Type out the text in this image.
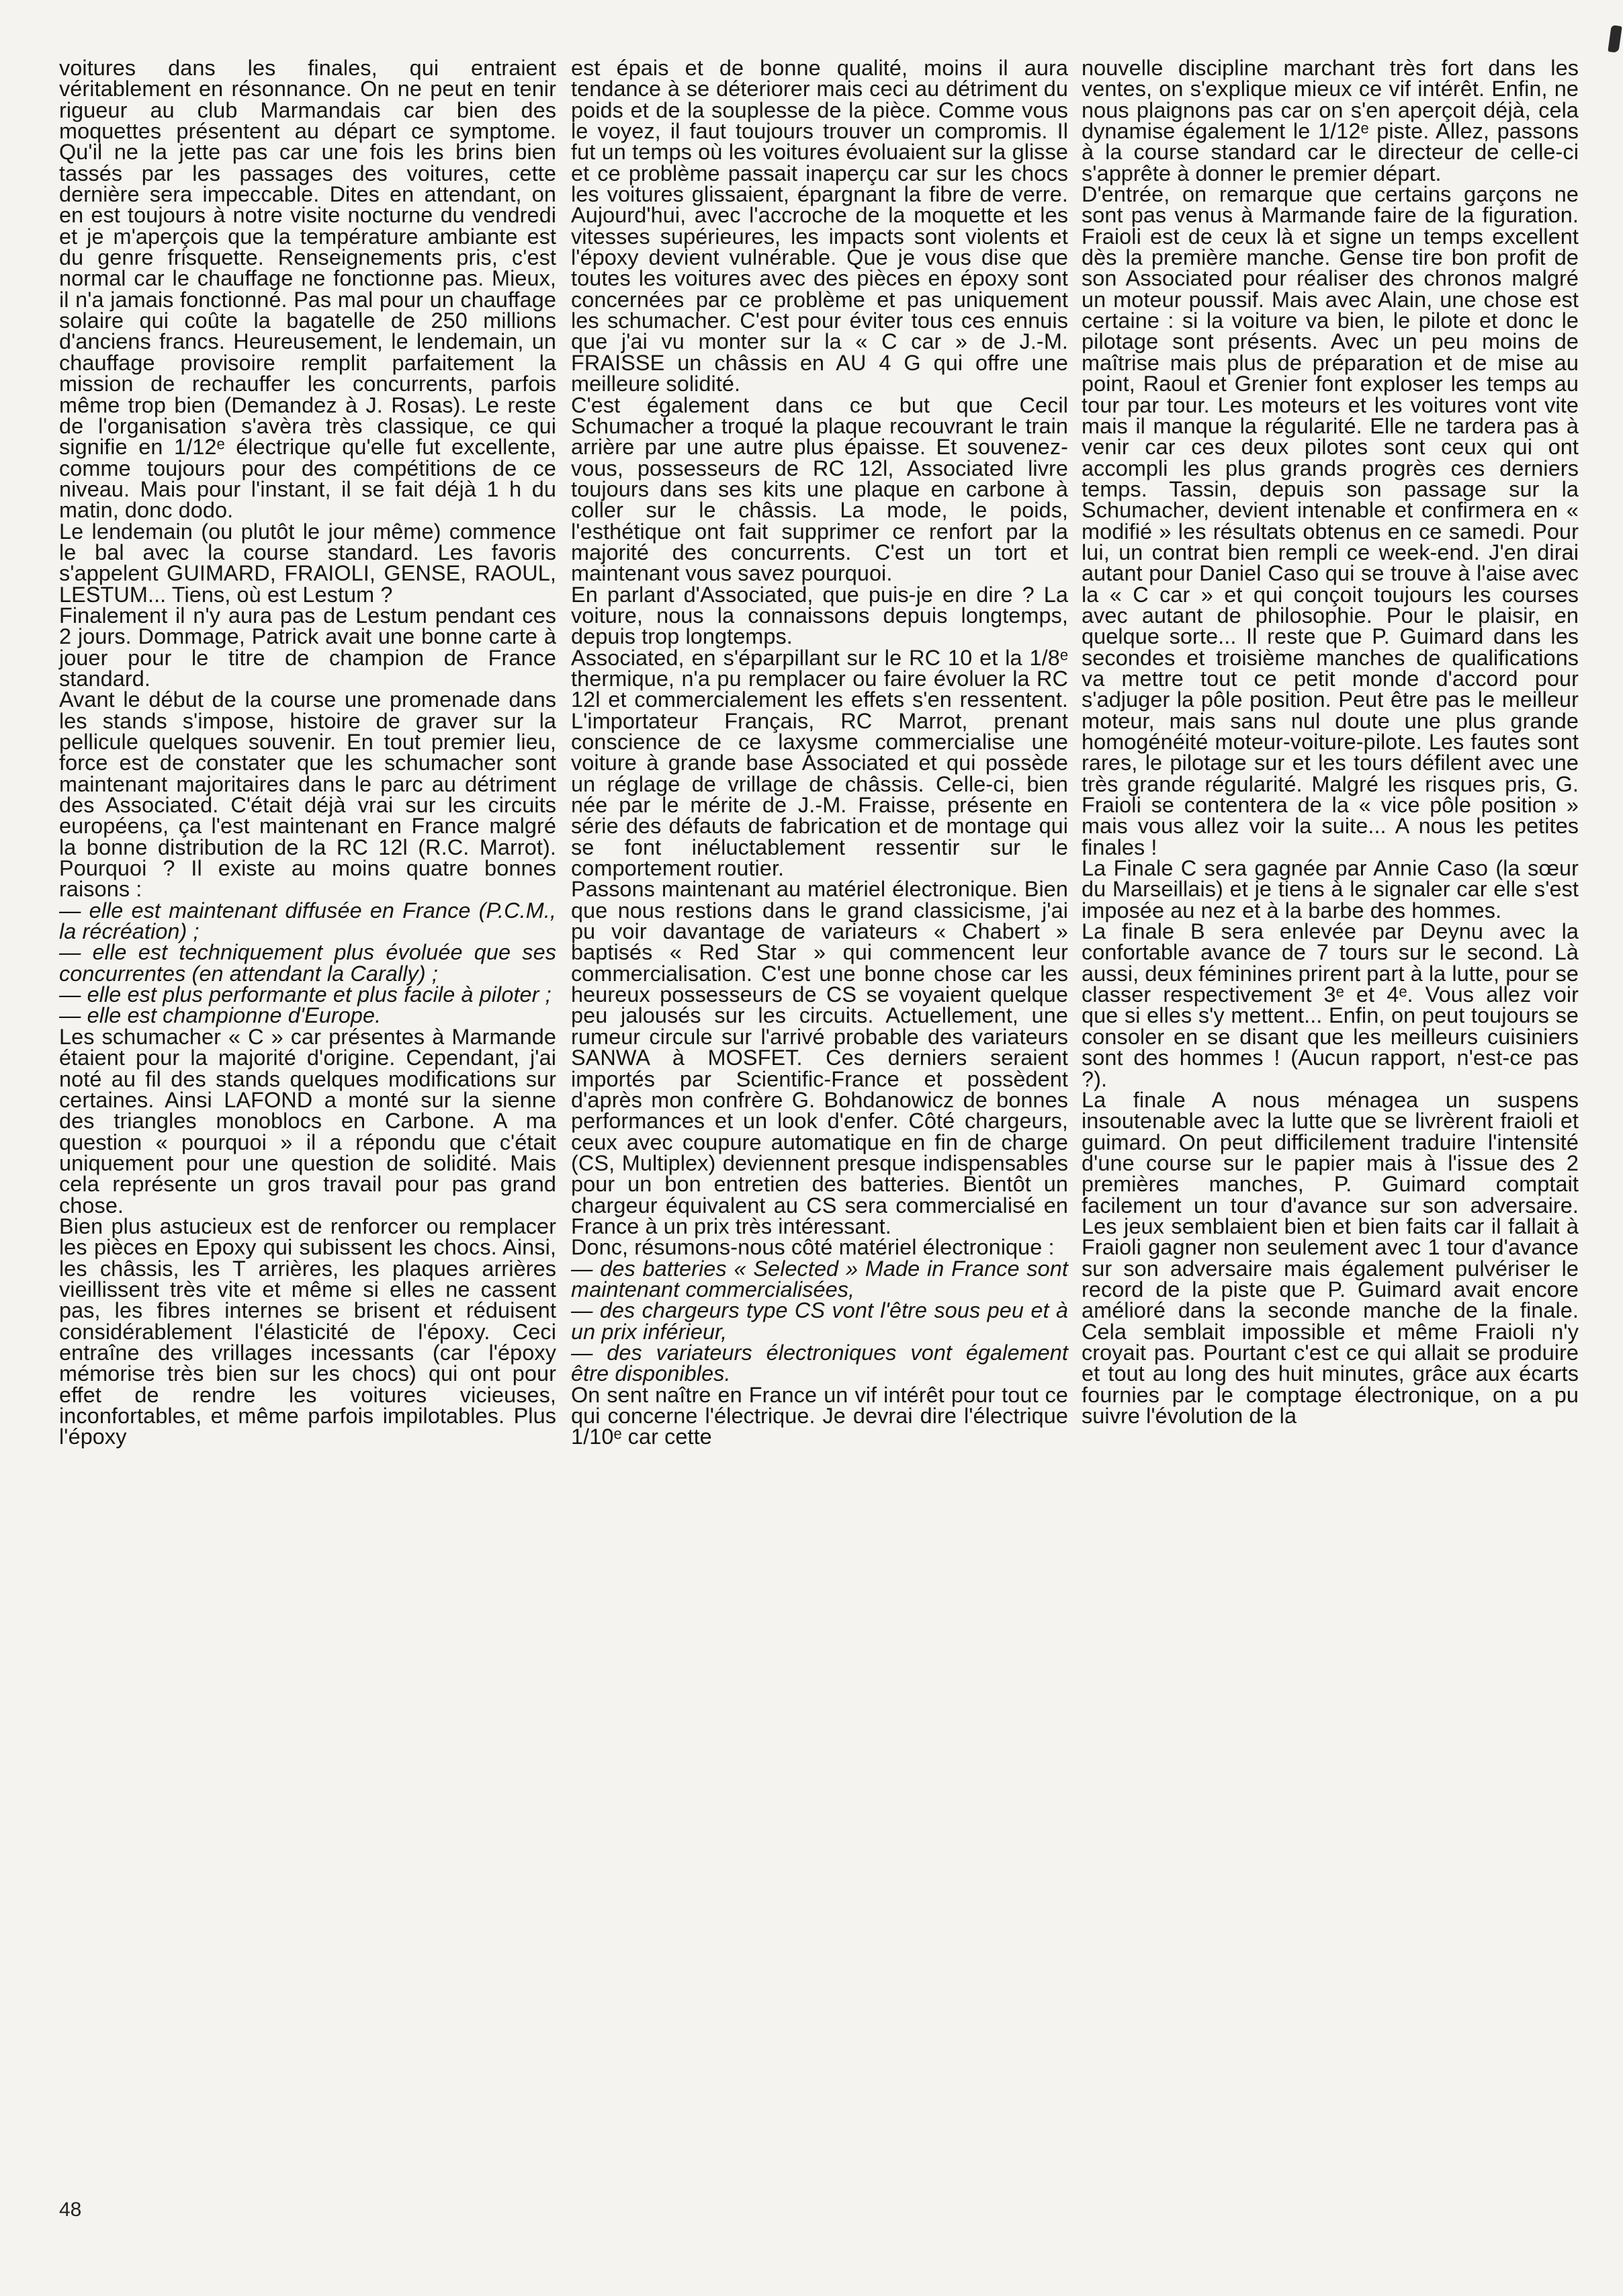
voitures dans les finales, qui entraient véritablement en résonnance. On ne peut en tenir rigueur au club Marmandais car bien des moquettes présentent au départ ce symptome. Qu'il ne la jette pas car une fois les brins bien tassés par les passages des voitures, cette dernière sera impeccable. Dites en attendant, on en est toujours à notre visite nocturne du vendredi et je m'aperçois que la température ambiante est du genre frisquette. Renseignements pris, c'est normal car le chauffage ne fonctionne pas. Mieux, il n'a jamais fonctionné. Pas mal pour un chauffage solaire qui coûte la bagatelle de 250 millions d'anciens francs. Heureusement, le lendemain, un chauffage provisoire remplit parfaitement la mission de rechauffer les concurrents, parfois même trop bien (Demandez à J. Rosas). Le reste de l'organisation s'avèra très classique, ce qui signifie en 1/12ᵉ électrique qu'elle fut excellente, comme toujours pour des compétitions de ce niveau. Mais pour l'instant, il se fait déjà 1 h du matin, donc dodo.

Le lendemain (ou plutôt le jour même) commence le bal avec la course standard. Les favoris s'appelent GUIMARD, FRAIOLI, GENSE, RAOUL, LESTUM... Tiens, où est Lestum ?

Finalement il n'y aura pas de Lestum pendant ces 2 jours. Dommage, Patrick avait une bonne carte à jouer pour le titre de champion de France standard.

Avant le début de la course une promenade dans les stands s'impose, histoire de graver sur la pellicule quelques souvenir. En tout premier lieu, force est de constater que les schumacher sont maintenant majoritaires dans le parc au détriment des Associated. C'était déjà vrai sur les circuits européens, ça l'est maintenant en France malgré la bonne distribution de la RC 12l (R.C. Marrot). Pourquoi ? Il existe au moins quatre bonnes raisons :

— elle est maintenant diffusée en France (P.C.M., la récréation) ;

— elle est techniquement plus évoluée que ses concurrentes (en attendant la Carally) ;

— elle est plus performante et plus facile à piloter ;

— elle est championne d'Europe.

Les schumacher « C » car présentes à Marmande étaient pour la majorité d'origine. Cependant, j'ai noté au fil des stands quelques modifications sur certaines. Ainsi LAFOND a monté sur la sienne des triangles monoblocs en Carbone. A ma question « pourquoi » il a répondu que c'était uniquement pour une question de solidité. Mais cela représente un gros travail pour pas grand chose.

Bien plus astucieux est de renforcer ou remplacer les pièces en Epoxy qui subissent les chocs. Ainsi, les châssis, les T arrières, les plaques arrières vieillissent très vite et même si elles ne cassent pas, les fibres internes se brisent et réduisent considérablement l'élasticité de l'époxy. Ceci entraîne des vrillages incessants (car l'époxy mémorise très bien sur les chocs) qui ont pour effet de rendre les voitures vicieuses, inconfortables, et même parfois impilotables. Plus l'époxy

est épais et de bonne qualité, moins il aura tendance à se déteriorer mais ceci au détriment du poids et de la souplesse de la pièce. Comme vous le voyez, il faut toujours trouver un compromis. Il fut un temps où les voitures évoluaient sur la glisse et ce problème passait inaperçu car sur les chocs les voitures glissaient, épargnant la fibre de verre. Aujourd'hui, avec l'accroche de la moquette et les vitesses supérieures, les impacts sont violents et l'époxy devient vulnérable. Que je vous dise que toutes les voitures avec des pièces en époxy sont concernées par ce problème et pas uniquement les schumacher. C'est pour éviter tous ces ennuis que j'ai vu monter sur la « C car » de J.-M. FRAISSE un châssis en AU 4 G qui offre une meilleure solidité.

C'est également dans ce but que Cecil Schumacher a troqué la plaque recouvrant le train arrière par une autre plus épaisse. Et souvenez-vous, possesseurs de RC 12l, Associated livre toujours dans ses kits une plaque en carbone à coller sur le châssis. La mode, le poids, l'esthétique ont fait supprimer ce renfort par la majorité des concurrents. C'est un tort et maintenant vous savez pourquoi.

En parlant d'Associated, que puis-je en dire ? La voiture, nous la connaissons depuis longtemps, depuis trop longtemps.

Associated, en s'éparpillant sur le RC 10 et la 1/8ᵉ thermique, n'a pu remplacer ou faire évoluer la RC 12l et commercialement les effets s'en ressentent. L'importateur Français, RC Marrot, prenant conscience de ce laxysme commercialise une voiture à grande base Associated et qui possède un réglage de vrillage de châssis. Celle-ci, bien née par le mérite de J.-M. Fraisse, présente en série des défauts de fabrication et de montage qui se font inéluctablement ressentir sur le comportement routier.

Passons maintenant au matériel électronique. Bien que nous restions dans le grand classicisme, j'ai pu voir davantage de variateurs « Chabert » baptisés « Red Star » qui commencent leur commercialisation. C'est une bonne chose car les heureux possesseurs de CS se voyaient quelque peu jalousés sur les circuits. Actuellement, une rumeur circule sur l'arrivé probable des variateurs SANWA à MOSFET. Ces derniers seraient importés par Scientific-France et possèdent d'après mon confrère G. Bohdanowicz de bonnes performances et un look d'enfer. Côté chargeurs, ceux avec coupure automatique en fin de charge (CS, Multiplex) deviennent presque indispensables pour un bon entretien des batteries. Bientôt un chargeur équivalent au CS sera commercialisé en France à un prix très intéressant.

Donc, résumons-nous côté matériel électronique :

— des batteries « Selected » Made in France sont maintenant commercialisées,

— des chargeurs type CS vont l'être sous peu et à un prix inférieur,

— des variateurs électroniques vont également être disponibles.

On sent naître en France un vif intérêt pour tout ce qui concerne l'électrique. Je devrai dire l'électrique 1/10ᵉ car cette

nouvelle discipline marchant très fort dans les ventes, on s'explique mieux ce vif intérêt. Enfin, ne nous plaignons pas car on s'en aperçoit déjà, cela dynamise également le 1/12ᵉ piste. Allez, passons à la course standard car le directeur de celle-ci s'apprête à donner le premier départ.

D'entrée, on remarque que certains garçons ne sont pas venus à Marmande faire de la figuration. Fraioli est de ceux là et signe un temps excellent dès la première manche. Gense tire bon profit de son Associated pour réaliser des chronos malgré un moteur poussif. Mais avec Alain, une chose est certaine : si la voiture va bien, le pilote et donc le pilotage sont présents. Avec un peu moins de maîtrise mais plus de préparation et de mise au point, Raoul et Grenier font exploser les temps au tour par tour. Les moteurs et les voitures vont vite mais il manque la régularité. Elle ne tardera pas à venir car ces deux pilotes sont ceux qui ont accompli les plus grands progrès ces derniers temps. Tassin, depuis son passage sur la Schumacher, devient intenable et confirmera en « modifié » les résultats obtenus en ce samedi. Pour lui, un contrat bien rempli ce week-end. J'en dirai autant pour Daniel Caso qui se trouve à l'aise avec la « C car » et qui conçoit toujours les courses avec autant de philosophie. Pour le plaisir, en quelque sorte... Il reste que P. Guimard dans les secondes et troisième manches de qualifications va mettre tout ce petit monde d'accord pour s'adjuger la pôle position. Peut être pas le meilleur moteur, mais sans nul doute une plus grande homogénéité moteur-voiture-pilote. Les fautes sont rares, le pilotage sur et les tours défilent avec une très grande régularité. Malgré les risques pris, G. Fraioli se contentera de la « vice pôle position » mais vous allez voir la suite... A nous les petites finales !

La Finale C sera gagnée par Annie Caso (la sœur du Marseillais) et je tiens à le signaler car elle s'est imposée au nez et à la barbe des hommes.

La finale B sera enlevée par Deynu avec la confortable avance de 7 tours sur le second. Là aussi, deux féminines prirent part à la lutte, pour se classer respectivement 3ᵉ et 4ᵉ. Vous allez voir que si elles s'y mettent... Enfin, on peut toujours se consoler en se disant que les meilleurs cuisiniers sont des hommes ! (Aucun rapport, n'est-ce pas ?).

La finale A nous ménagea un suspens insoutenable avec la lutte que se livrèrent fraioli et guimard. On peut difficilement traduire l'intensité d'une course sur le papier mais à l'issue des 2 premières manches, P. Guimard comptait facilement un tour d'avance sur son adversaire. Les jeux semblaient bien et bien faits car il fallait à Fraioli gagner non seulement avec 1 tour d'avance sur son adversaire mais également pulvériser le record de la piste que P. Guimard avait encore amélioré dans la seconde manche de la finale. Cela semblait impossible et même Fraioli n'y croyait pas. Pourtant c'est ce qui allait se produire et tout au long des huit minutes, grâce aux écarts fournies par le comptage électronique, on a pu suivre l'évolution de la

48
